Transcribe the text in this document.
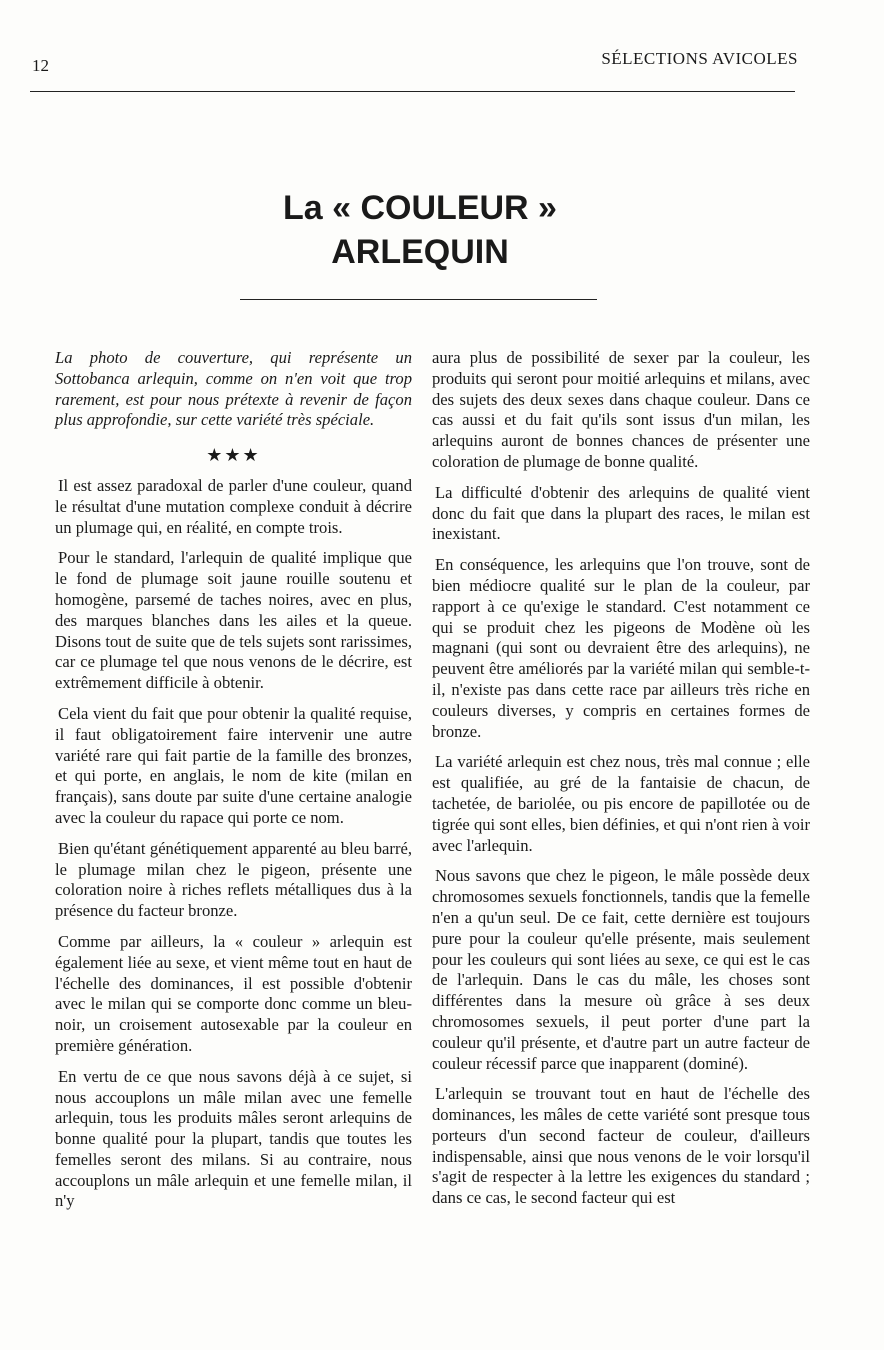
12	SÉLECTIONS AVICOLES
La « COULEUR »
ARLEQUIN

La photo de couverture, qui représente un Sottobanca arlequin, comme on n'en voit que trop rarement, est pour nous prétexte à revenir de façon plus approfondie, sur cette variété très spéciale.

★★★

Il est assez paradoxal de parler d'une couleur, quand le résultat d'une mutation complexe conduit à décrire un plumage qui, en réalité, en compte trois.

Pour le standard, l'arlequin de qualité implique que le fond de plumage soit jaune rouille soutenu et homogène, parsemé de taches noires, avec en plus, des marques blanches dans les ailes et la queue. Disons tout de suite que de tels sujets sont rarissimes, car ce plumage tel que nous venons de le décrire, est extrêmement difficile à obtenir.

Cela vient du fait que pour obtenir la qualité requise, il faut obligatoirement faire intervenir une autre variété rare qui fait partie de la famille des bronzes, et qui porte, en anglais, le nom de kite (milan en français), sans doute par suite d'une certaine analogie avec la couleur du rapace qui porte ce nom.

Bien qu'étant génétiquement apparenté au bleu barré, le plumage milan chez le pigeon, présente une coloration noire à riches reflets métalliques dus à la présence du facteur bronze.

Comme par ailleurs, la « couleur » arlequin est également liée au sexe, et vient même tout en haut de l'échelle des dominances, il est possible d'obtenir avec le milan qui se comporte donc comme un bleu-noir, un croisement autosexable par la couleur en première génération.

En vertu de ce que nous savons déjà à ce sujet, si nous accouplons un mâle milan avec une femelle arlequin, tous les produits mâles seront arlequins de bonne qualité pour la plupart, tandis que toutes les femelles seront des milans. Si au contraire, nous accouplons un mâle arlequin et une femelle milan, il n'y

aura plus de possibilité de sexer par la couleur, les produits qui seront pour moitié arlequins et milans, avec des sujets des deux sexes dans chaque couleur. Dans ce cas aussi et du fait qu'ils sont issus d'un milan, les arlequins auront de bonnes chances de présenter une coloration de plumage de bonne qualité.

La difficulté d'obtenir des arlequins de qualité vient donc du fait que dans la plupart des races, le milan est inexistant.

En conséquence, les arlequins que l'on trouve, sont de bien médiocre qualité sur le plan de la couleur, par rapport à ce qu'exige le standard. C'est notamment ce qui se produit chez les pigeons de Modène où les magnani (qui sont ou devraient être des arlequins), ne peuvent être améliorés par la variété milan qui semble-t-il, n'existe pas dans cette race par ailleurs très riche en couleurs diverses, y compris en certaines formes de bronze.

La variété arlequin est chez nous, très mal connue ; elle est qualifiée, au gré de la fantaisie de chacun, de tachetée, de bariolée, ou pis encore de papillotée ou de tigrée qui sont elles, bien définies, et qui n'ont rien à voir avec l'arlequin.

Nous savons que chez le pigeon, le mâle possède deux chromosomes sexuels fonctionnels, tandis que la femelle n'en a qu'un seul. De ce fait, cette dernière est toujours pure pour la couleur qu'elle présente, mais seulement pour les couleurs qui sont liées au sexe, ce qui est le cas de l'arlequin. Dans le cas du mâle, les choses sont différentes dans la mesure où grâce à ses deux chromosomes sexuels, il peut porter d'une part la couleur qu'il présente, et d'autre part un autre facteur de couleur récessif parce que inapparent (dominé).

L'arlequin se trouvant tout en haut de l'échelle des dominances, les mâles de cette variété sont presque tous porteurs d'un second facteur de couleur, d'ailleurs indispensable, ainsi que nous venons de le voir lorsqu'il s'agit de respecter à la lettre les exigences du standard ; dans ce cas, le second facteur qui est
